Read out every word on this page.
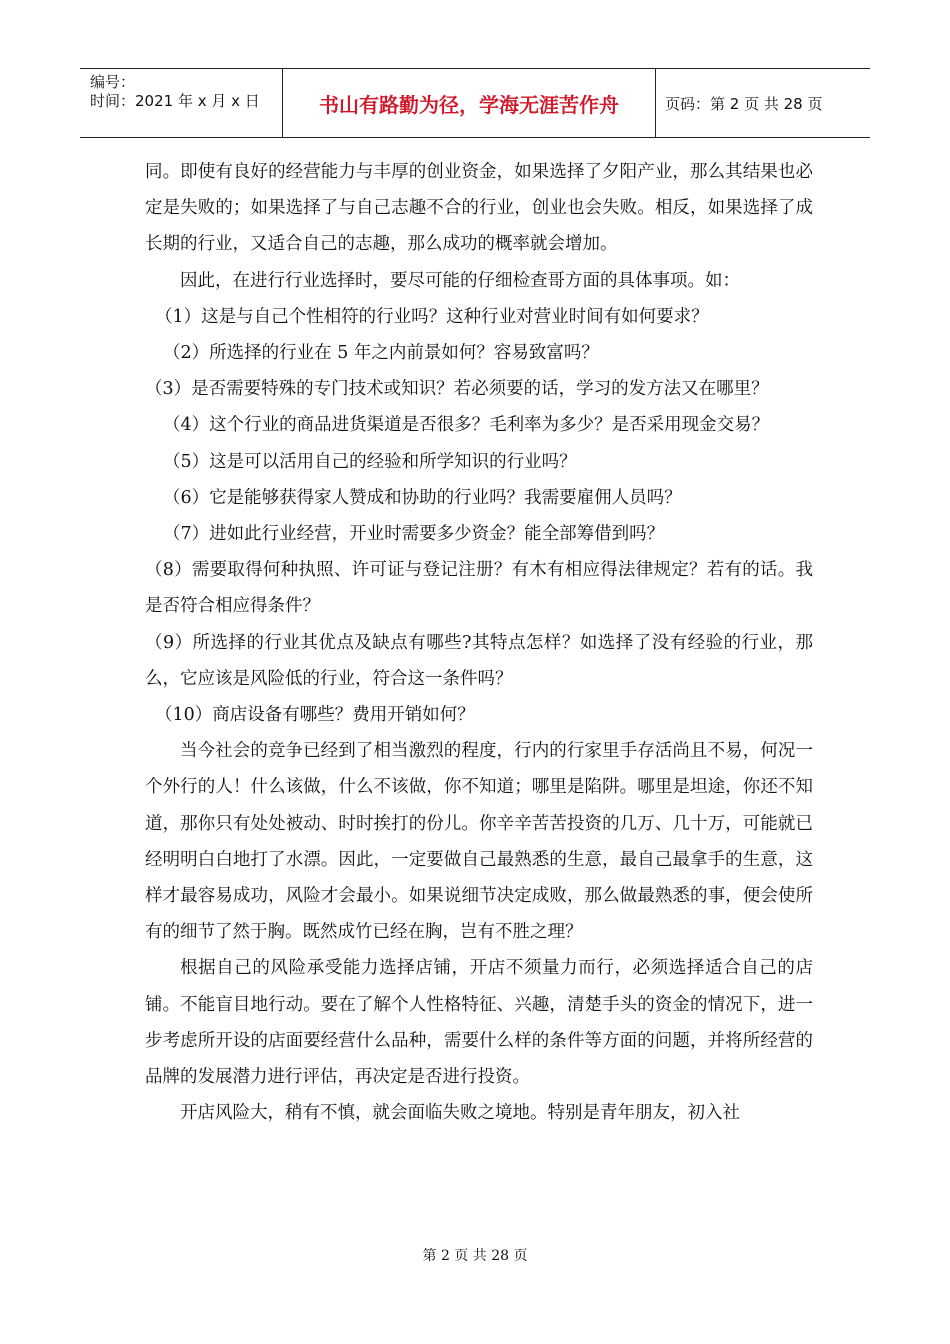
编号：
时间：2021 年 x 月 x 日	书山有路勤为径，学海无涯苦作舟	页码：第 2 页 共 28 页

同。即使有良好的经营能力与丰厚的创业资金，如果选择了夕阳产业，那么其结果也必定是失败的；如果选择了与自己志趣不合的行业，创业也会失败。相反，如果选择了成长期的行业，又适合自己的志趣，那么成功的概率就会增加。

因此，在进行行业选择时，要尽可能的仔细检查哥方面的具体事项。如：

（1）这是与自己个性相符的行业吗？这种行业对营业时间有如何要求？

（2）所选择的行业在 5 年之内前景如何？容易致富吗？

（3）是否需要特殊的专门技术或知识？若必须要的话，学习的发方法又在哪里？

（4）这个行业的商品进货渠道是否很多？毛利率为多少？是否采用现金交易？

（5）这是可以活用自己的经验和所学知识的行业吗？

（6）它是能够获得家人赞成和协助的行业吗？我需要雇佣人员吗？

（7）进如此行业经营，开业时需要多少资金？能全部筹借到吗？

（8）需要取得何种执照、许可证与登记注册？有木有相应得法律规定？若有的话。我是否符合相应得条件？

（9）所选择的行业其优点及缺点有哪些?其特点怎样？如选择了没有经验的行业，那么，它应该是风险低的行业，符合这一条件吗？

（10）商店设备有哪些？费用开销如何？

当今社会的竞争已经到了相当激烈的程度，行内的行家里手存活尚且不易，何况一个外行的人！什么该做，什么不该做，你不知道；哪里是陷阱。哪里是坦途，你还不知道，那你只有处处被动、时时挨打的份儿。你辛辛苦苦投资的几万、几十万，可能就已经明明白白地打了水漂。因此，一定要做自己最熟悉的生意，最自己最拿手的生意，这样才最容易成功，风险才会最小。如果说细节决定成败，那么做最熟悉的事，便会使所有的细节了然于胸。既然成竹已经在胸，岂有不胜之理？

根据自己的风险承受能力选择店铺，开店不须量力而行，必须选择适合自己的店铺。不能盲目地行动。要在了解个人性格特征、兴趣，清楚手头的资金的情况下，进一步考虑所开设的店面要经营什么品种，需要什么样的条件等方面的问题，并将所经营的品牌的发展潜力进行评估，再决定是否进行投资。

开店风险大，稍有不慎，就会面临失败之境地。特别是青年朋友，初入社

第 2 页 共 28 页
